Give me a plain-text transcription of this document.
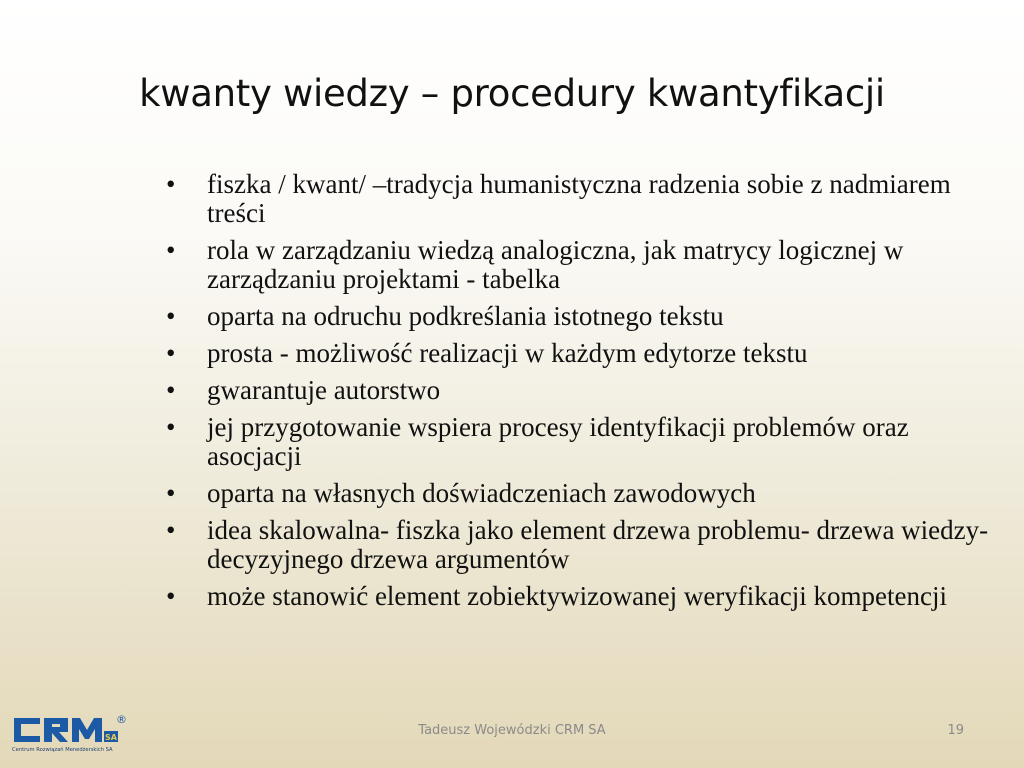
kwanty wiedzy – procedury kwantyfikacji
• fiszka / kwant/ –tradycja humanistyczna radzenia sobie z nadmiarem treści
• rola w zarządzaniu wiedzą analogiczna, jak matrycy logicznej w zarządzaniu projektami - tabelka
• oparta na odruchu podkreślania istotnego tekstu
• prosta - możliwość realizacji w każdym edytorze tekstu
• gwarantuje autorstwo
• jej przygotowanie wspiera procesy identyfikacji problemów oraz asocjacji
• oparta na własnych doświadczeniach zawodowych
• idea skalowalna- fiszka jako element drzewa problemu- drzewa wiedzy- decyzyjnego drzewa argumentów
• może stanowić element zobiektywizowanej weryfikacji kompetencji
SA
®
Centrum Rozwiązań Menedżerskich SA
Tadeusz Wojewódzki CRM SA	19
